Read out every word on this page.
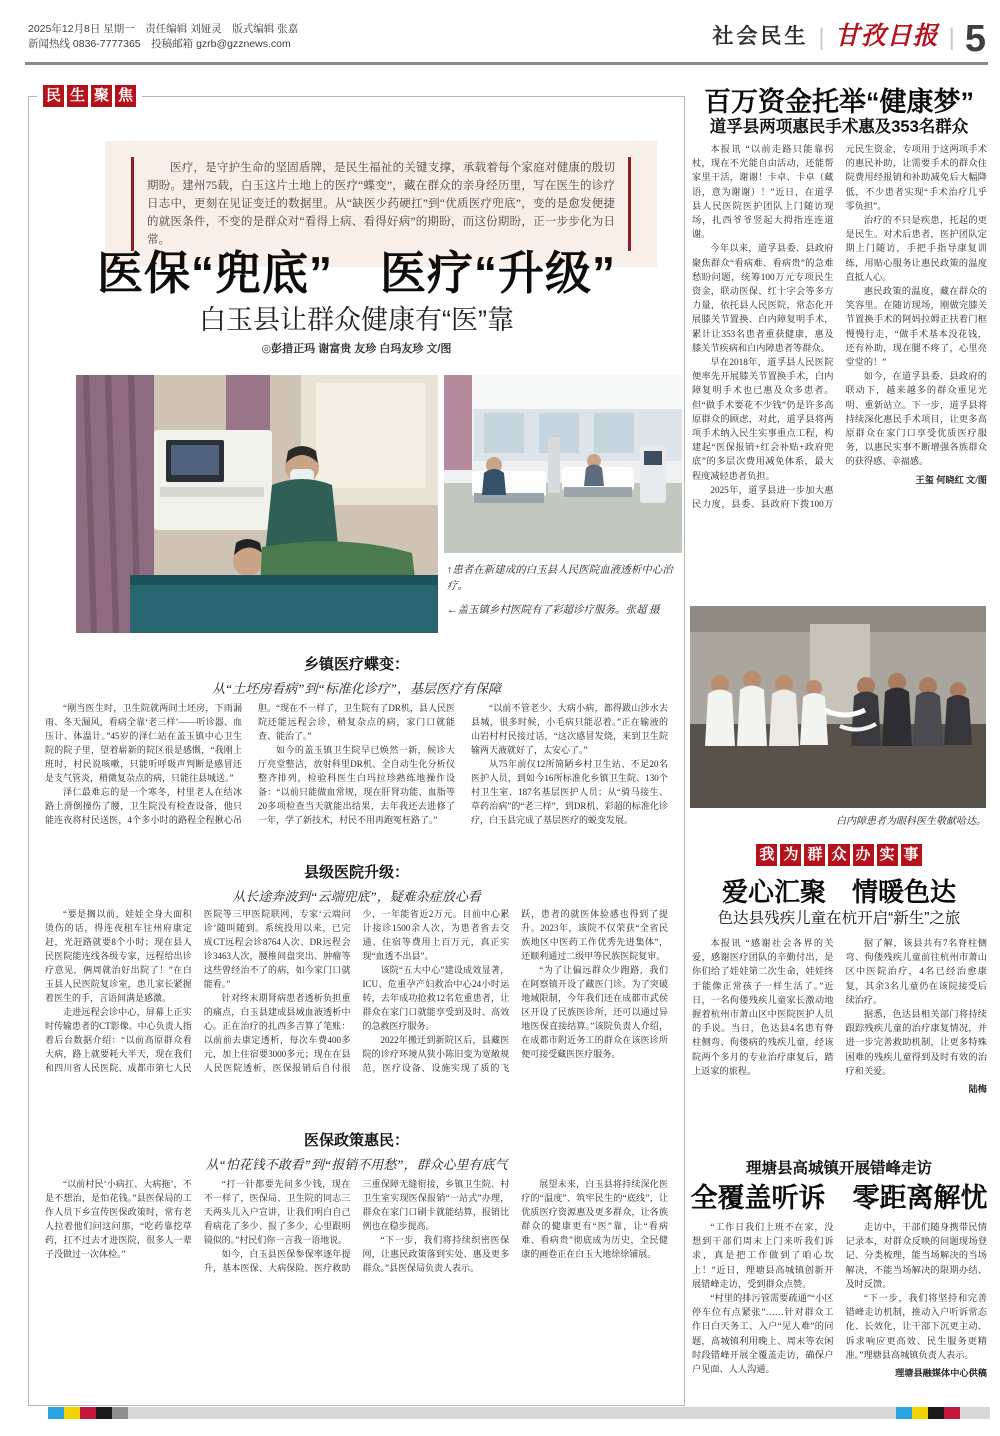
2025年12月8日 星期一　责任编辑 刘娅灵　版式编辑 张嘉
新闻热线 0836-7777365　投稿邮箱 gzrb@gzznews.com	社会民生 | 甘孜日报 | 5
民 生 聚 焦
医疗，是守护生命的坚固盾牌，是民生福祉的关键支撑，承载着每个家庭对健康的殷切期盼。建州75载，白玉这片土地上的医疗“蝶变”，藏在群众的亲身经历里，写在医生的诊疗日志中，更刻在见证变迁的数据里。从“缺医少药硬扛”到“优质医疗兜底”，变的是愈发便捷的就医条件，不变的是群众对“看得上病、看得好病”的期盼，而这份期盼，正一步步化为日常。
医保“兜底”　医疗“升级”
白玉县让群众健康有“医”靠
◎彭措正玛 谢富贵 友珍 白玛友珍 文/图

↑患者在新建成的白玉县人民医院血液透析中心治疗。

←盖玉镇乡村医院有了彩超诊疗服务。张超 摄

乡镇医疗蝶变：

从“土坯房看病”到“标准化诊疗”，基层医疗有保障

“刚当医生时，卫生院就两间土坯房，下雨漏雨、冬天漏风，看病全靠‘老三样’——听诊器、血压计、体温计。”45岁的泽仁站在盖玉镇中心卫生院的院子里，望着崭新的院区很是感慨，“我刚上班时，村民说咳嗽，只能听呼吸声判断是感冒还是支气管炎，稍微复杂点的病，只能往县城送。”

泽仁最难忘的是一个寒冬，村里老人在结冰路上滑倒撞伤了腰，卫生院没有检查设备，他只能连夜将村民送医，4个多小时的路程全程揪心吊胆。“现在不一样了，卫生院有了DR机，县人民医院还能远程会诊，稍复杂点的病，家门口就能查、能治了。”

如今的盖玉镇卫生院早已焕然一新，候诊大厅亮堂整洁，放射科里DR机、全自动生化分析仪整齐排列，检验科医生白玛拉珍熟练地操作设备：“以前只能做血常规，现在肝肾功能、血脂等20多项检查当天就能出结果，去年我还去进修了一年，学了新技术，村民不用再跑冤枉路了。”

“以前不管老少、大病小病，都得跋山涉水去县城，很多时候，小毛病只能忍着。”正在输液的山岩村村民接过话，“这次感冒发烧，来到卫生院输两天液就好了，太安心了。”

从75年前仅12所简陋乡村卫生站、不足20名医护人员，到如今16所标准化乡镇卫生院、130个村卫生室、187名基层医护人员；从“骑马接生、草药治病”的“老三样”，到DR机、彩超的标准化诊疗，白玉县完成了基层医疗的蜕变发展。

县级医院升级：

从长途奔波到“云端兜底”，疑难杂症放心看

“要是搁以前，娃娃全身大面积烫伤的话，得连夜租车往州府康定赶，光赶路就要8个小时；现在县人民医院能连线各级专家，远程给出诊疗意见，俩周就治好出院了！”在白玉县人民医院复诊室，患儿家长紧握着医生的手，言语间满是感激。

走进远程会诊中心，屏幕上正实时传输患者的CT影像。中心负责人指着后台数据介绍：“以前高原群众看大病，路上就要耗大半天，现在我们和四川省人民医院、成都市第七人民医院等三甲医院联网，专家‘云端问诊’随叫随到。系统投用以来，已完成CT远程会诊8764人次、DR远程会诊3463人次，腰椎间盘突出、肿瘤等这些曾经治不了的病，如今家门口就能看。”

针对终末期肾病患者透析负担重的痛点，白玉县建成县域血液透析中心。正在治疗的扎西多吉算了笔账：以前前去康定透析，每次车费400多元，加上住宿要3000多元；现在在县人民医院透析，医保报销后自付很少，一年能省近2万元。目前中心累计接诊1500余人次，为患者省去交通、住宿等费用上百万元，真正实现“血透不出县”。

该院“五大中心”建设成效显著，ICU、危重孕产妇救治中心24小时运转，去年成功抢救12名危重患者，让群众在家门口就能享受到及时、高效的急救医疗服务。

2022年搬迁到新院区后，县藏医院的诊疗环境从狭小陈旧变为宽敞规范，医疗设备、设施实现了质的飞跃，患者的就医体验感也得到了提升。2023年，该院不仅荣获“全省民族地区中医药工作优秀先进集体”，还顺利通过二级甲等民族医院复审。

“为了让偏远群众少跑路，我们在阿察镇开设了藏医门诊。为了突破地域限制，今年我们还在成都市武侯区开设了民族医诊所，还可以通过异地医保直接结算。”该院负责人介绍，在成都市附近务工的群众在该医诊所便可接受藏医医疗服务。

医保政策惠民：

从“怕花钱不敢看”到“报销不用愁”，群众心里有底气

“以前村民‘小病扛、大病拖’，不是不想治，是怕花钱。”县医保局的工作人员下乡宣传医保政策时，常有老人拉着他们问这问那，“吃药靠挖草药，扛不过去才进医院，很多人一辈子没做过一次体检。”

“打一针都要先问多少钱，现在不一样了，医保局、卫生院的同志三天两头儿入户宣讲，让我们明白自己看病花了多少、报了多少，心里跟明镜似的。”村民们你一言我一语地说。

如今，白玉县医保参保率逐年提升，基本医保、大病保险、医疗救助三重保障无缝衔接，乡镇卫生院、村卫生室实现医保报销“一站式”办理，群众在家门口刷卡就能结算，报销比例也在稳步提高。

“下一步，我们将持续织密医保网，让惠民政策落到实处、惠及更多群众。”县医保局负责人表示。

展望未来，白玉县将持续深化医疗的“温度”、筑牢民生的“底线”，让优质医疗资源惠及更多群众，让各族群众的健康更有“医”靠，让“看病难、看病贵”彻底成为历史，全民健康的画卷正在白玉大地徐徐铺展。

百万资金托举“健康梦”
道孚县两项惠民手术惠及353名群众

本报讯 “以前走路只能靠拐杖，现在不光能自由活动，还能帮家里干活，谢谢！卡卓、卡卓（藏语，意为谢谢）！”近日，在道孚县人民医院医护团队上门随访现场，扎西爷爷竖起大拇指连连道谢。

今年以来，道孚县委、县政府聚焦群众“看病难、看病贵”的急难愁盼问题，统筹100万元专项民生资金，联动医保、红十字会等多方力量，依托县人民医院，常态化开展膝关节置换、白内障复明手术，累计让353名患者重获健康，惠及膝关节疾病和白内障患者等群众。

早在2018年，道孚县人民医院便率先开展膝关节置换手术，白内障复明手术也已惠及众多患者。但“做手术要花不少钱”仍是许多高原群众的顾虑，对此，道孚县将两项手术纳入民生实事重点工程，构建起“医保报销+红会补贴+政府兜底”的多层次费用减免体系，最大程度减轻患者负担。

2025年，道孚县进一步加大惠民力度，县委、县政府下拨100万元民生资金，专项用于这两项手术的惠民补助，让需要手术的群众住院费用经报销和补助减免后大幅降低，不少患者实现“手术治疗几乎零负担”。

治疗的不只是疾患，托起的更是民生。对术后患者，医护团队定期上门随访，手把手指导康复训练，用贴心服务让惠民政策的温度直抵人心。

惠民政策的温度，藏在群众的笑容里。在随访现场，刚做完膝关节置换手术的阿妈拉姆正扶着门框慢慢行走，“做手术基本没花钱，还有补助，现在腿不疼了，心里亮堂堂的！”

如今，在道孚县委、县政府的联动下，越来越多的群众重见光明、重新站立。下一步，道孚县将持续深化惠民手术项目，让更多高原群众在家门口享受优质医疗服务，以惠民实事不断增强各族群众的获得感、幸福感。

王玺 何晓红 文/图

白内障患者为眼科医生敬献哈达。
我 为 群 众 办 实 事
爱心汇聚　情暖色达
色达县残疾儿童在杭开启“新生”之旅

本报讯 “感谢社会各界的关爱，感谢医疗团队的辛勤付出，是你们给了娃娃第二次生命，娃娃终于能像正常孩子一样生活了。”近日，一名佝偻残疾儿童家长激动地握着杭州市萧山区中医院医护人员的手说。当日，色达县4名患有脊柱侧弯、佝偻病的残疾儿童，经该院两个多月的专业治疗康复后，踏上返家的旅程。

据了解，该县共有7名脊柱侧弯、佝偻残疾儿童前往杭州市萧山区中医院治疗，4名已经治愈康复，其余3名儿童仍在该院接受后续治疗。

据悉，色达县相关部门将持续跟踪残疾儿童的治疗康复情况，并进一步完善救助机制，让更多特殊困难的残疾儿童得到及时有效的治疗和关爱。

陆梅

理塘县高城镇开展错峰走访
全覆盖听诉　零距离解忧

“工作日我们上班不在家，没想到干部们周末上门来听我们诉求，真是把工作做到了咱心坎上！”近日，理塘县高城镇创新开展错峰走访，受到群众点赞。

“村里的排污管需要疏通”“小区停车位有点紧张”……针对群众工作日白天务工、入户“见人难”的问题，高城镇利用晚上、周末等农闲时段错峰开展全覆盖走访，确保户户见面、人人沟通。

走访中，干部们随身携带民情记录本，对群众反映的问题现场登记、分类梳理，能当场解决的当场解决，不能当场解决的限期办结、及时反馈。

“下一步，我们将坚持和完善错峰走访机制，推动入户听诉常态化、长效化，让干部下沉更主动、诉求响应更高效、民生服务更精准。”理塘县高城镇负责人表示。

理塘县融媒体中心供稿
